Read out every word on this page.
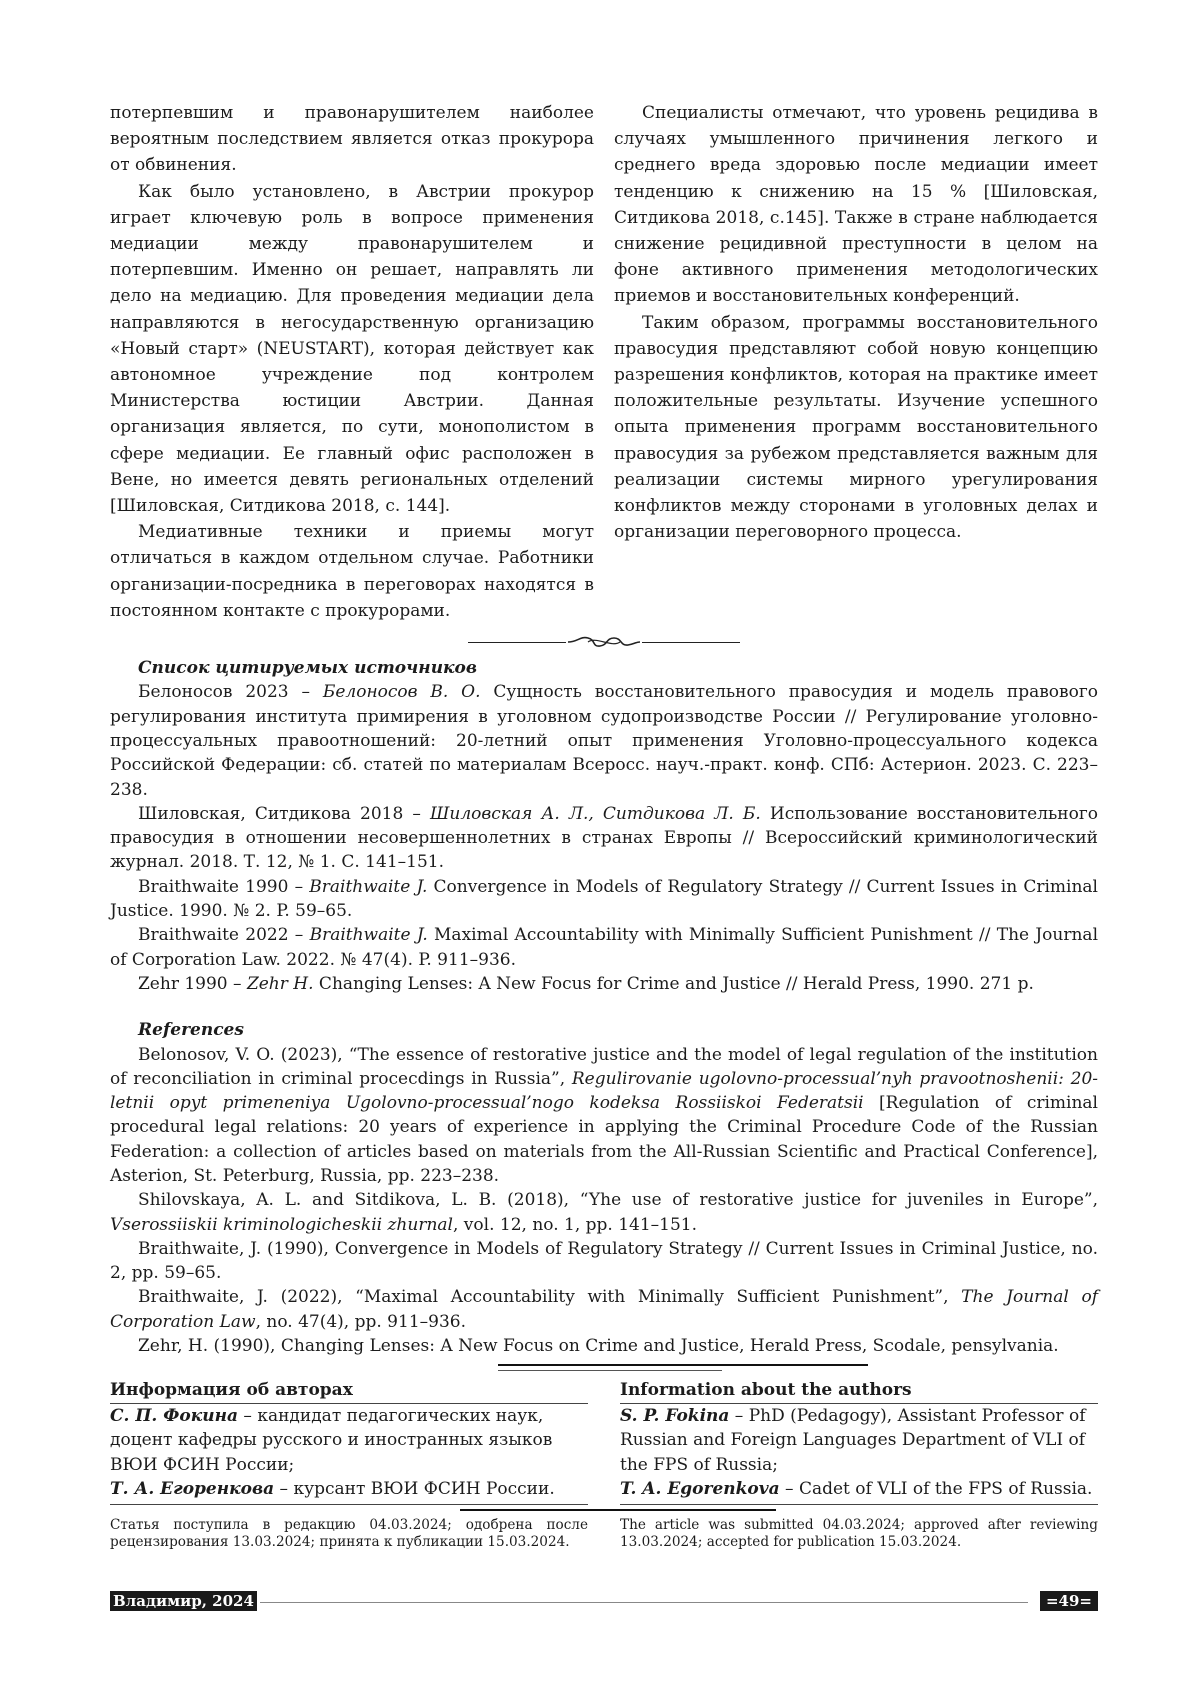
потерпевшим и правонарушителем наиболее вероятным последствием является отказ прокурора от обвинения.

Как было установлено, в Австрии прокурор играет ключевую роль в вопросе применения медиации между правонарушителем и потерпевшим. Именно он решает, направлять ли дело на медиацию. Для проведения медиации дела направляются в негосударственную организацию «Новый старт» (NEUSTART), которая действует как автономное учреждение под контролем Министерства юстиции Австрии. Данная организация является, по сути, монополистом в сфере медиации. Ее главный офис расположен в Вене, но имеется девять региональных отделений [Шиловская, Ситдикова 2018, с. 144].

Медиативные техники и приемы могут отличаться в каждом отдельном случае. Работники организации-посредника в переговорах находятся в постоянном контакте с прокурорами.

Специалисты отмечают, что уровень рецидива в случаях умышленного причинения легкого и среднего вреда здоровью после медиации имеет тенденцию к снижению на 15 % [Шиловская, Ситдикова 2018, с.145]. Также в стране наблюдается снижение рецидивной преступности в целом на фоне активного применения методологических приемов и восстановительных конференций.

Таким образом, программы восстановительного правосудия представляют собой новую концепцию разрешения конфликтов, которая на практике имеет положительные результаты. Изучение успешного опыта применения программ восстановительного правосудия за рубежом представляется важным для реализации системы мирного урегулирования конфликтов между сторонами в уголовных делах и организации переговорного процесса.

Список цитируемых источников

Белоносов 2023 – Белоносов В. О. Сущность восстановительного правосудия и модель правового регулирования института примирения в уголовном судопроизводстве России // Регулирование уголовно-процессуальных правоотношений: 20-летний опыт применения Уголовно-процессуального кодекса Российской Федерации: сб. статей по материалам Всеросс. науч.-практ. конф. СПб: Астерион. 2023. С. 223–238.

Шиловская, Ситдикова 2018 – Шиловская А. Л., Ситдикова Л. Б. Использование восстановительного правосудия в отношении несовершеннолетних в странах Европы // Всероссийский криминологический журнал. 2018. Т. 12, № 1. С. 141–151.

Braithwaite 1990 – Braithwaite J. Convergence in Models of Regulatory Strategy // Current Issues in Criminal Justice. 1990. № 2. P. 59–65.

Braithwaite 2022 – Braithwaite J. Maximal Accountability with Minimally Sufficient Punishment // The Journal of Corporation Law. 2022. № 47(4). P. 911–936.

Zehr 1990 – Zehr H. Changing Lenses: A New Focus for Crime and Justice // Herald Press, 1990. 271 p.

References

Belonosov, V. O. (2023), “The essence of restorative justice and the model of legal regulation of the institution of reconciliation in criminal procecdings in Russia”, Regulirovanie ugolovno-processual’nyh pravootnoshenii: 20-letnii opyt primeneniya Ugolovno-processual’nogo kodeksa Rossiiskoi Federatsii [Regulation of criminal procedural legal relations: 20 years of experience in applying the Criminal Procedure Code of the Russian Federation: a collection of articles based on materials from the All-Russian Scientific and Practical Conference], Asterion, St. Peterburg, Russia, pp. 223–238.

Shilovskaya, A. L. and Sitdikova, L. B. (2018), “Yhe use of restorative justice for juveniles in Europe”, Vserossiiskii kriminologicheskii zhurnal, vol. 12, no. 1, pp. 141–151.

Braithwaite, J. (1990), Convergence in Models of Regulatory Strategy // Current Issues in Criminal Justice, no. 2, pp. 59–65.

Braithwaite, J. (2022), “Maximal Accountability with Minimally Sufficient Punishment”, The Journal of Corporation Law, no. 47(4), pp. 911–936.

Zehr, H. (1990), Changing Lenses: A New Focus on Crime and Justice, Herald Press, Scodale, pensylvania.

Информация об авторах
С. П. Фокина – кандидат педагогических наук, доцент кафедры русского и иностранных языков ВЮИ ФСИН России;
Т. А. Егоренкова – курсант ВЮИ ФСИН России.
Information about the authors
S. P. Fokina – PhD (Pedagogy), Assistant Professor of Russian and Foreign Languages Department of VLI of the FPS of Russia;
T. A. Egorenkova – Cadet of VLI of the FPS of Russia.
Статья поступила в редакцию 04.03.2024; одобрена после рецензирования 13.03.2024; принята к публикации 15.03.2024.
The article was submitted 04.03.2024; approved after reviewing 13.03.2024; accepted for publication 15.03.2024.
Владимир, 2024	=49=
